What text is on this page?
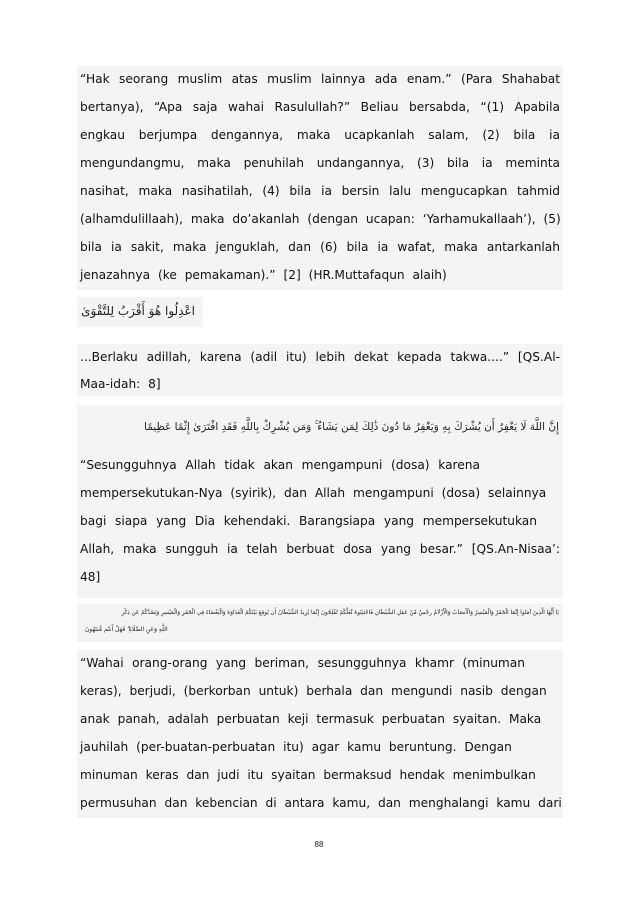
“Hak seorang muslim atas muslim lainnya ada enam.” (Para Shahabat
bertanya), “Apa saja wahai Rasulullah?” Beliau bersabda, “(1) Apabila
engkau berjumpa dengannya, maka ucapkanlah salam, (2) bila ia
mengundangmu, maka penuhilah undangannya, (3) bila ia meminta
nasihat, maka nasihatilah, (4) bila ia bersin lalu mengucapkan tahmid
(alhamdulillaah), maka do’akanlah (dengan ucapan: ‘Yarhamukallaah’), (5)
bila ia sakit, maka jenguklah, dan (6) bila ia wafat, maka antarkanlah
jenazahnya (ke pemakaman).” [2] (HR.Muttafaqun alaih)
اعْدِلُوا هُوَ أَقْرَبُ لِلتَّقْوَىٰ
...Berlaku adillah, karena (adil itu) lebih dekat kepada takwa....” [QS.Al-
Maa-idah: 8]
إِنَّ اللَّهَ لَا يَغْفِرُ أَن يُشْرَكَ بِهِ وَيَغْفِرُ مَا دُونَ ذَٰلِكَ لِمَن يَشَاءُ ۚ وَمَن يُشْرِكْ بِاللَّهِ فَقَدِ افْتَرَىٰ إِثْمًا عَظِيمًا
“Sesungguhnya Allah tidak akan mengampuni (dosa) karena
mempersekutukan-Nya (syirik), dan Allah mengampuni (dosa) selainnya
bagi siapa yang Dia kehendaki. Barangsiapa yang mempersekutukan
Allah, maka sungguh ia telah berbuat dosa yang besar.” [QS.An-Nisaa’:
48]
يَا أَيُّهَا الَّذِينَ آمَنُوا إِنَّمَا الْخَمْرُ وَالْمَيْسِرُ وَالْأَنصَابُ وَالْأَزْلَامُ رِجْسٌ مِّنْ عَمَلِ الشَّيْطَانِ فَاجْتَنِبُوهُ لَعَلَّكُمْ تُفْلِحُونَ إِنَّمَا يُرِيدُ الشَّيْطَانُ أَن يُوقِعَ بَيْنَكُمُ الْعَدَاوَةَ وَالْبَغْضَاءَ فِي الْخَمْرِ وَالْمَيْسِرِ وَيَصُدَّكُمْ عَن ذِكْرِ
اللَّهِ وَعَنِ الصَّلَاةِ ۖ فَهَلْ أَنتُم مُّنتَهُونَ
“Wahai orang-orang yang beriman, sesungguhnya khamr (minuman
keras), berjudi, (berkorban untuk) berhala dan mengundi nasib dengan
anak panah, adalah perbuatan keji termasuk perbuatan syaitan. Maka
jauhilah (per-buatan-perbuatan itu) agar kamu beruntung. Dengan
minuman keras dan judi itu syaitan bermaksud hendak menimbulkan
permusuhan dan kebencian di antara kamu, dan menghalangi kamu dari
88
